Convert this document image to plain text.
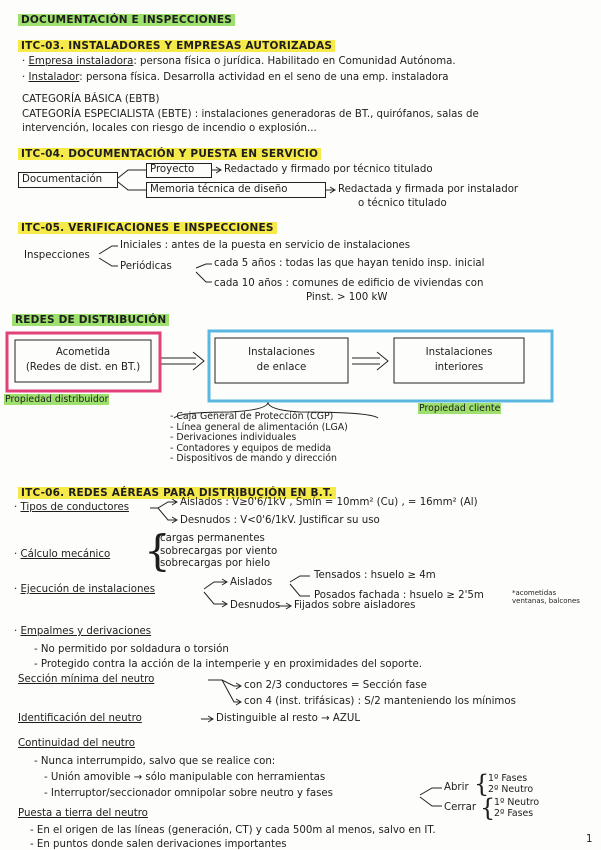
DOCUMENTACIÓN E INSPECCIONES
ITC-03. INSTALADORES Y EMPRESAS AUTORIZADAS
· Empresa instaladora: persona física o jurídica. Habilitado en Comunidad Autónoma.
· Instalador: persona física. Desarrolla actividad en el seno de una emp. instaladora
CATEGORÍA BÁSICA (EBTB)
CATEGORÍA ESPECIALISTA (EBTE) : instalaciones generadoras de BT., quirófanos, salas de
intervención, locales con riesgo de incendio o explosión...
ITC-04. DOCUMENTACIÓN Y PUESTA EN SERVICIO
Documentación
Proyecto	Redactado y firmado por técnico titulado
Memoria técnica de diseño	Redactada y firmada por instalador
o técnico titulado
ITC-05. VERIFICACIONES E INSPECCIONES
Inspecciones
Iniciales : antes de la puesta en servicio de instalaciones
Periódicas	cada 5 años : todas las que hayan tenido insp. inicial
cada 10 años : comunes de edificio de viviendas con
Pinst. > 100 kW
REDES DE DISTRIBUCIÓN
Acometida
(Redes de dist. en BT.)
Instalaciones
de enlace
Instalaciones
interiores
Propiedad distribuidor
Propiedad cliente
- Caja General de Protección (CGP)
- Línea general de alimentación (LGA)
- Derivaciones individuales
- Contadores y equipos de medida
- Dispositivos de mando y dirección
ITC-06. REDES AÉREAS PARA DISTRIBUCIÓN EN B.T.
· Tipos de conductores	Aislados : V≥0'6/1kV , Smín = 10mm² (Cu) , = 16mm² (Al)
Desnudos : V<0'6/1kV. Justificar su uso
· Cálculo mecánico {
cargas permanentes
sobrecargas por viento
sobrecargas por hielo
· Ejecución de instalaciones
Aislados
Tensados : hsuelo ≥ 4m
Posados fachada : hsuelo ≥ 2'5m	*acometidas
ventanas, balcones
Desnudos Fijados sobre aisladores
· Empalmes y derivaciones
- No permitido por soldadura o torsión
- Protegido contra la acción de la intemperie y en proximidades del soporte.
Sección mínima del neutro
con 2/3 conductores = Sección fase
con 4 (inst. trifásicas) : S/2 manteniendo los mínimos
Identificación del neutro	Distinguible al resto → AZUL
Continuidad del neutro
- Nunca interrumpido, salvo que se realice con:
- Unión amovible → sólo manipulable con herramientas
- Interruptor/seccionador omnipolar sobre neutro y fases
Abrir {
1º Fases
2º Neutro
Cerrar {
1º Neutro
2º Fases
Puesta a tierra del neutro
- En el origen de las líneas (generación, CT) y cada 500m al menos, salvo en IT.
- En puntos donde salen derivaciones importantes	1
